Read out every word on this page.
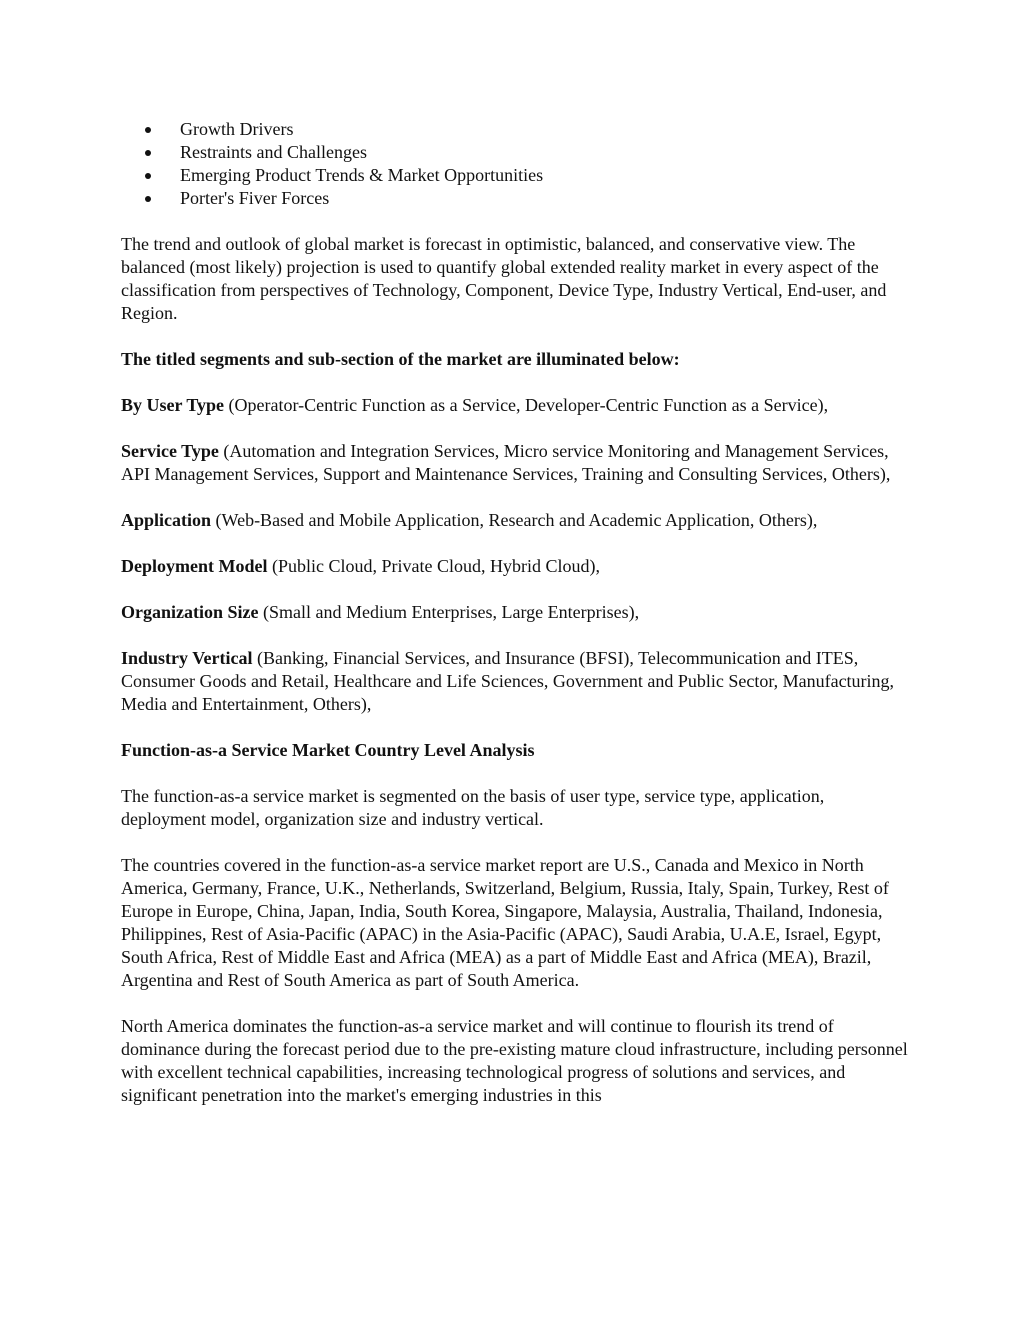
Growth Drivers
Restraints and Challenges
Emerging Product Trends & Market Opportunities
Porter's Fiver Forces

The trend and outlook of global market is forecast in optimistic, balanced, and conservative view. The balanced (most likely) projection is used to quantify global extended reality market in every aspect of the classification from perspectives of Technology, Component, Device Type, Industry Vertical, End-user, and Region.

The titled segments and sub-section of the market are illuminated below:

By User Type (Operator-Centric Function as a Service, Developer-Centric Function as a Service),

Service Type (Automation and Integration Services, Micro service Monitoring and Management Services, API Management Services, Support and Maintenance Services, Training and Consulting Services, Others),

Application (Web-Based and Mobile Application, Research and Academic Application, Others),

Deployment Model (Public Cloud, Private Cloud, Hybrid Cloud),

Organization Size (Small and Medium Enterprises, Large Enterprises),

Industry Vertical (Banking, Financial Services, and Insurance (BFSI), Telecommunication and ITES, Consumer Goods and Retail, Healthcare and Life Sciences, Government and Public Sector, Manufacturing, Media and Entertainment, Others),

Function-as-a Service Market Country Level Analysis

The function-as-a service market is segmented on the basis of user type, service type, application, deployment model, organization size and industry vertical.

The countries covered in the function-as-a service market report are U.S., Canada and Mexico in North America, Germany, France, U.K., Netherlands, Switzerland, Belgium, Russia, Italy, Spain, Turkey, Rest of Europe in Europe, China, Japan, India, South Korea, Singapore, Malaysia, Australia, Thailand, Indonesia, Philippines, Rest of Asia-Pacific (APAC) in the Asia-Pacific (APAC), Saudi Arabia, U.A.E, Israel, Egypt, South Africa, Rest of Middle East and Africa (MEA) as a part of Middle East and Africa (MEA), Brazil, Argentina and Rest of South America as part of South America.

North America dominates the function-as-a service market and will continue to flourish its trend of dominance during the forecast period due to the pre-existing mature cloud infrastructure, including personnel with excellent technical capabilities, increasing technological progress of solutions and services, and significant penetration into the market's emerging industries in this
